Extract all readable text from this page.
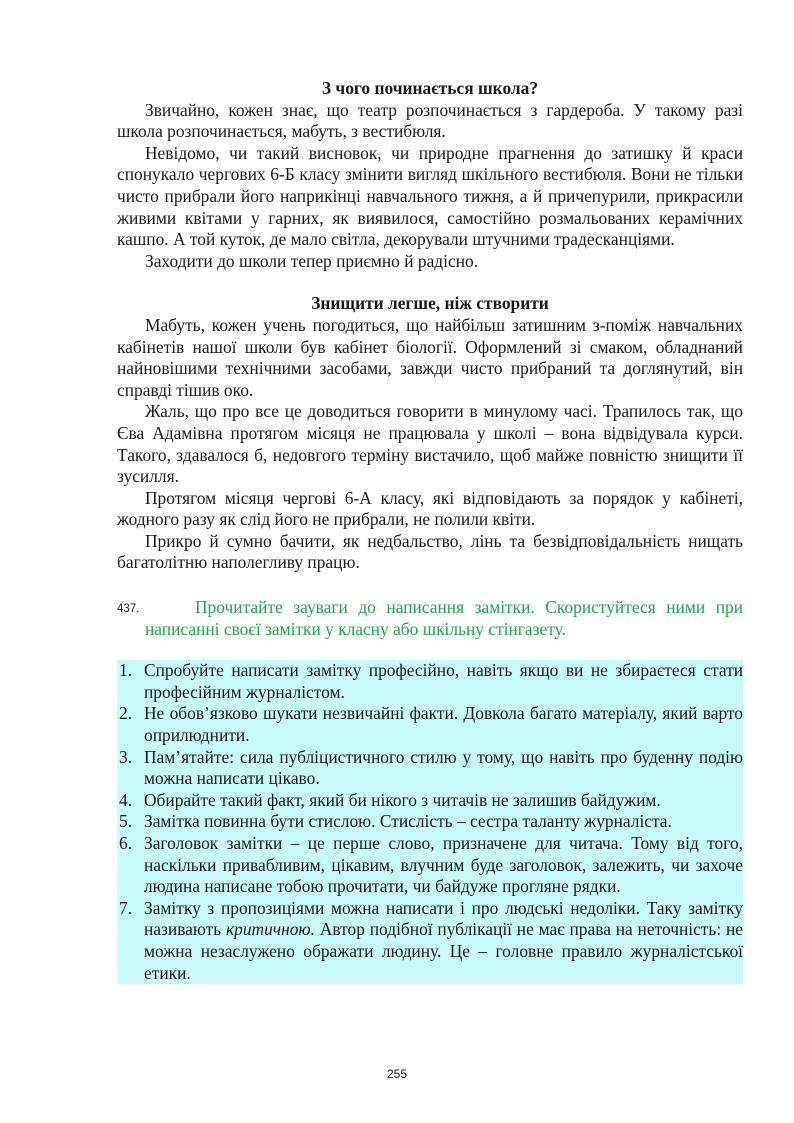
З чого починається школа?

Звичайно, кожен знає, що театр розпочинається з гардероба. У такому разі школа розпочинається, мабуть, з вестибюля.

Невідомо, чи такий висновок, чи природне прагнення до затишку й краси спонукало чергових 6-Б класу змінити вигляд шкільного вестибюля. Вони не тільки чисто прибрали його наприкінці навчального тижня, а й причепурили, прикрасили живими квітами у гарних, як виявилося, самостійно розмальованих керамічних кашпо. А той куток, де мало світла, декорували штучними традесканціями.

Заходити до школи тепер приємно й радісно.

Знищити легше, ніж створити

Мабуть, кожен учень погодиться, що найбільш затишним з-поміж навчальних кабінетів нашої школи був кабінет біології. Оформлений зі смаком, обладнаний найновішими технічними засобами, завжди чисто прибраний та доглянутий, він справді тішив око.

Жаль, що про все це доводиться говорити в минулому часі. Трапилось так, що Єва Адамівна протягом місяця не працювала у школі – вона відвідувала курси. Такого, здавалося б, недовгого терміну вистачило, щоб майже повністю знищити її зусилля.

Протягом місяця чергові 6-А класу, які відповідають за порядок у кабінеті, жодного разу як слід його не прибрали, не полили квіти.

Прикро й сумно бачити, як недбальство, лінь та безвідповідальність нищать багатолітню наполегливу працю.

437.	Прочитайте зауваги до написання замітки. Скористуйтеся ними при написанні своєї замітки у класну або шкільну стінгазету.
1. Спробуйте написати замітку професійно, навіть якщо ви не збираєтеся стати професійним журналістом.
2. Не обов’язково шукати незвичайні факти. Довкола багато матеріалу, який варто оприлюднити.
3. Пам’ятайте: сила публіцистичного стилю у тому, що навіть про буденну подію можна написати цікаво.
4. Обирайте такий факт, який би нікого з читачів не залишив байдужим.
5. Замітка повинна бути стислою. Стислість – сестра таланту журналіста.
6. Заголовок замітки – це перше слово, призначене для читача. Тому від того, наскільки привабливим, цікавим, влучним буде заголовок, залежить, чи захоче людина написане тобою прочитати, чи байдуже прогляне рядки.
7. Замітку з пропозиціями можна написати і про людські недоліки. Таку замітку називають критичною. Автор подібної публікації не має права на неточність: не можна незаслужено ображати людину. Це – головне правило журналістської етики.
255
